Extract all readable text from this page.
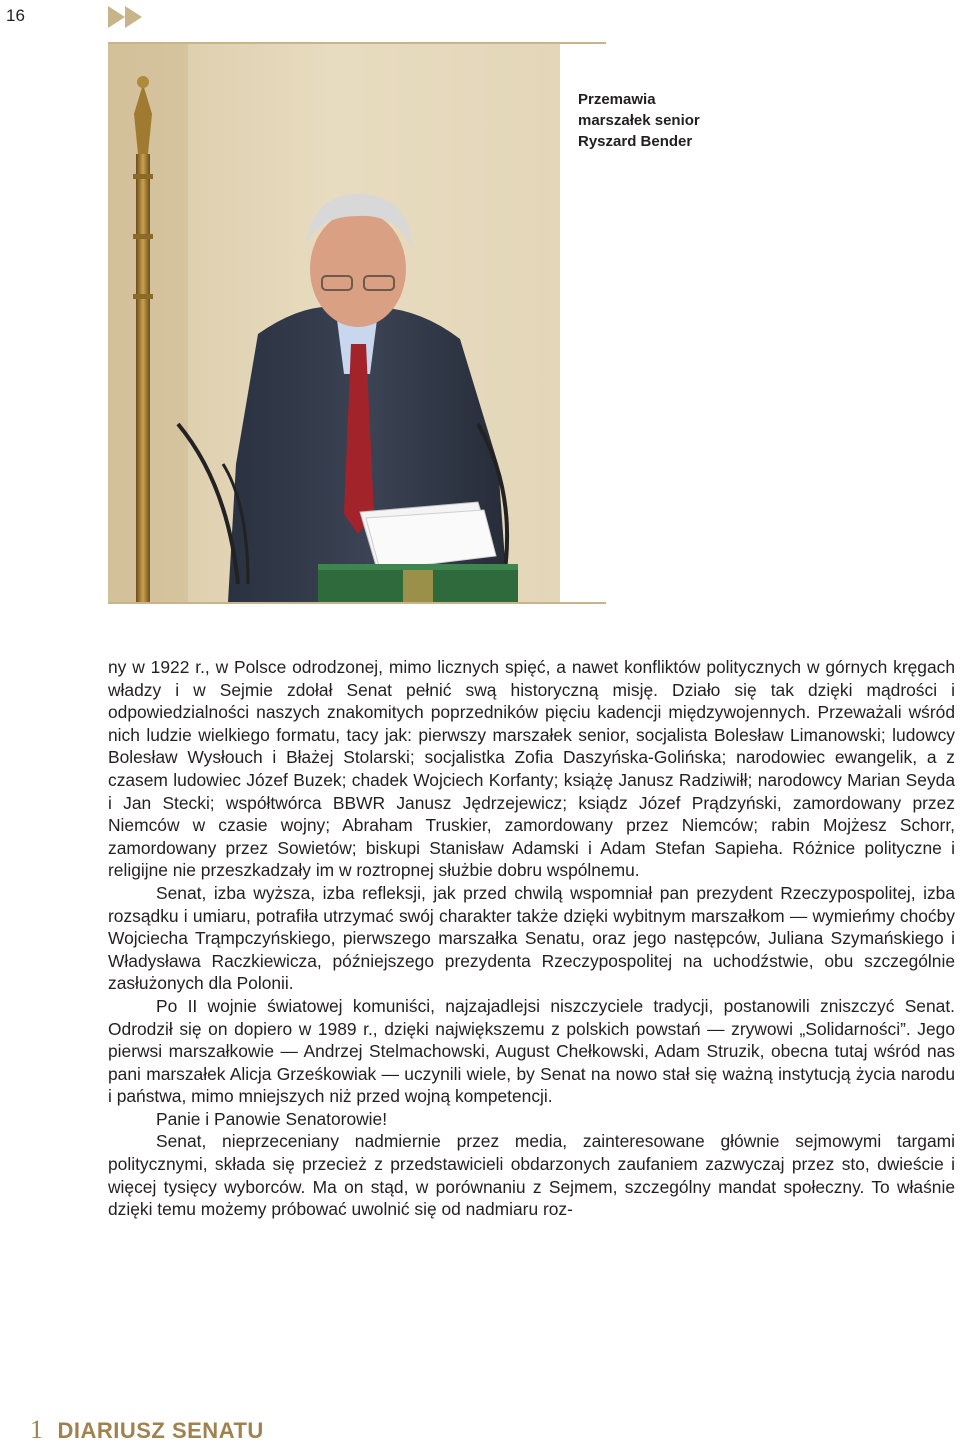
16
Przemawia
marszałek senior
Ryszard Bender

ny w 1922 r., w Polsce odrodzonej, mimo licznych spięć, a nawet konfliktów politycznych w górnych kręgach władzy i w Sejmie zdołał Senat pełnić swą historyczną misję. Działo się tak dzięki mądrości i odpowiedzialności naszych znakomitych poprzedników pięciu kadencji międzywojennych. Przeważali wśród nich ludzie wielkiego formatu, tacy jak: pierwszy marszałek senior, socjalista Bolesław Limanowski; ludowcy Bolesław Wysłouch i Błażej Stolarski; socjalistka Zofia Daszyńska-Golińska; narodowiec ewangelik, a z czasem ludowiec Józef Buzek; chadek Wojciech Korfanty; książę Janusz Radziwiłł; narodowcy Marian Seyda i Jan Stecki; współtwórca BBWR Janusz Jędrzejewicz; ksiądz Józef Prądzyński, zamordowany przez Niemców w czasie wojny; Abraham Truskier, zamordowany przez Niemców; rabin Mojżesz Schorr, zamordowany przez Sowietów; biskupi Stanisław Adamski i Adam Stefan Sapieha. Różnice polityczne i religijne nie przeszkadzały im w roztropnej służbie dobru wspólnemu.

Senat, izba wyższa, izba refleksji, jak przed chwilą wspomniał pan prezydent Rzeczypospolitej, izba rozsądku i umiaru, potrafiła utrzymać swój charakter także dzięki wybitnym marszałkom — wymieńmy choćby Wojciecha Trąmpczyńskiego, pierwszego marszałka Senatu, oraz jego następców, Juliana Szymańskiego i Władysława Raczkiewicza, późniejszego prezydenta Rzeczypospolitej na uchodźstwie, obu szczególnie zasłużonych dla Polonii.

Po II wojnie światowej komuniści, najzajadlejsi niszczyciele tradycji, postanowili zniszczyć Senat. Odrodził się on dopiero w 1989 r., dzięki największemu z polskich powstań — zrywowi „Solidarności”. Jego pierwsi marszałkowie — Andrzej Stelmachowski, August Chełkowski, Adam Struzik, obecna tutaj wśród nas pani marszałek Alicja Grześkowiak — uczynili wiele, by Senat na nowo stał się ważną instytucją życia narodu i państwa, mimo mniejszych niż przed wojną kompetencji.

Panie i Panowie Senatorowie!

Senat, nieprzeceniany nadmiernie przez media, zainteresowane głównie sejmowymi targami politycznymi, składa się przecież z przedstawicieli obdarzonych zaufaniem zazwyczaj przez sto, dwieście i więcej tysięcy wyborców. Ma on stąd, w porównaniu z Sejmem, szczególny mandat społeczny. To właśnie dzięki temu możemy próbować uwolnić się od nadmiaru roz-

1 DIARIUSZ SENATU
